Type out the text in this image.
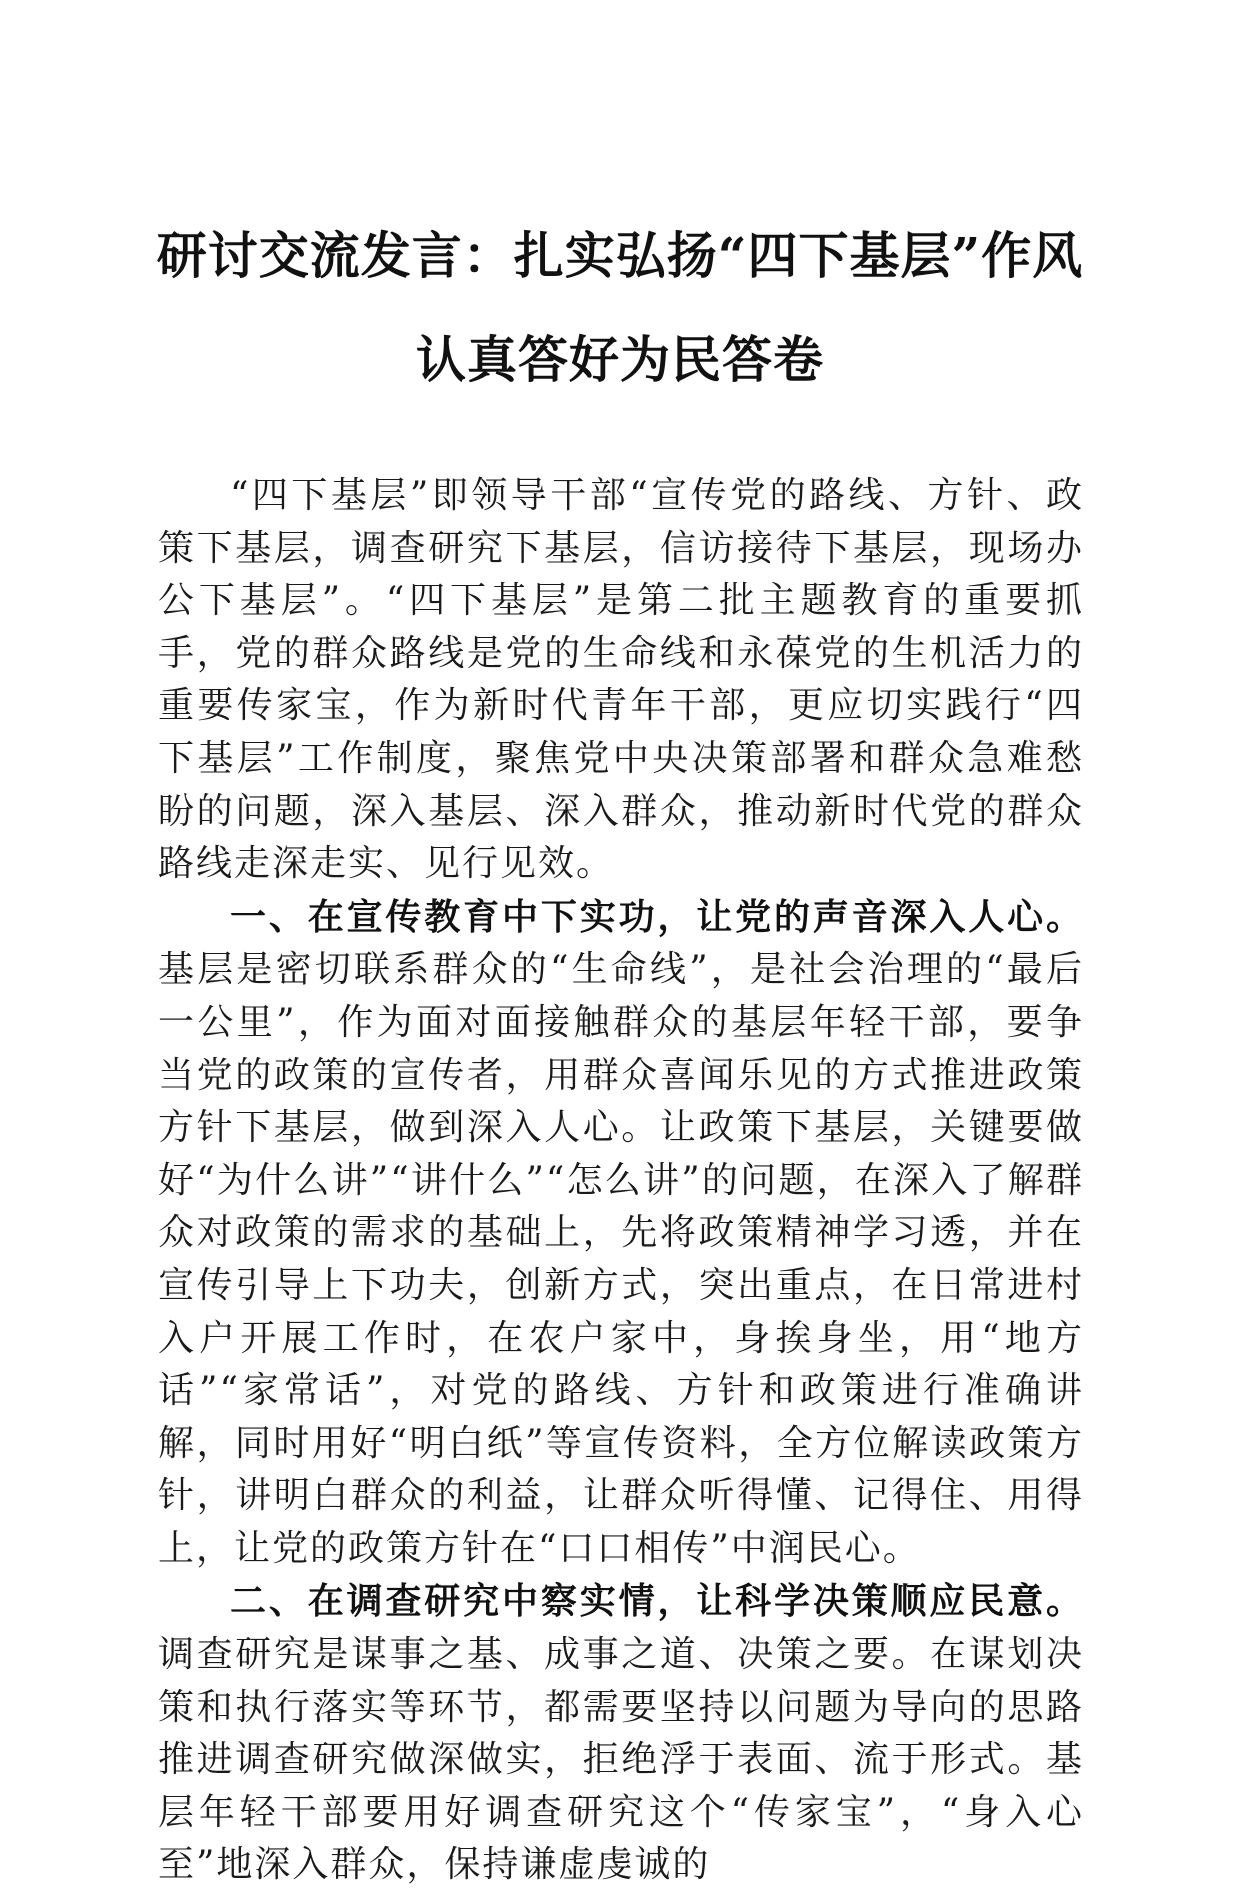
研讨交流发言：扎实弘扬“四下基层”作风
认真答好为民答卷

“四下基层”即领导干部“宣传党的路线、方针、政策下基层，调查研究下基层，信访接待下基层，现场办公下基层”。“四下基层”是第二批主题教育的重要抓手，党的群众路线是党的生命线和永葆党的生机活力的重要传家宝，作为新时代青年干部，更应切实践行“四下基层”工作制度，聚焦党中央决策部署和群众急难愁盼的问题，深入基层、深入群众，推动新时代党的群众路线走深走实、见行见效。

一、在宣传教育中下实功，让党的声音深入人心。基层是密切联系群众的“生命线”，是社会治理的“最后一公里”，作为面对面接触群众的基层年轻干部，要争当党的政策的宣传者，用群众喜闻乐见的方式推进政策方针下基层，做到深入人心。让政策下基层，关键要做好“为什么讲”“讲什么”“怎么讲”的问题，在深入了解群众对政策的需求的基础上，先将政策精神学习透，并在宣传引导上下功夫，创新方式，突出重点，在日常进村入户开展工作时，在农户家中，身挨身坐，用“地方话”“家常话”，对党的路线、方针和政策进行准确讲解，同时用好“明白纸”等宣传资料，全方位解读政策方针，讲明白群众的利益，让群众听得懂、记得住、用得上，让党的政策方针在“口口相传”中润民心。

二、在调查研究中察实情，让科学决策顺应民意。调查研究是谋事之基、成事之道、决策之要。在谋划决策和执行落实等环节，都需要坚持以问题为导向的思路推进调查研究做深做实，拒绝浮于表面、流于形式。基层年轻干部要用好调查研究这个“传家宝”，“身入心至”地深入群众，保持谦虚虔诚的
